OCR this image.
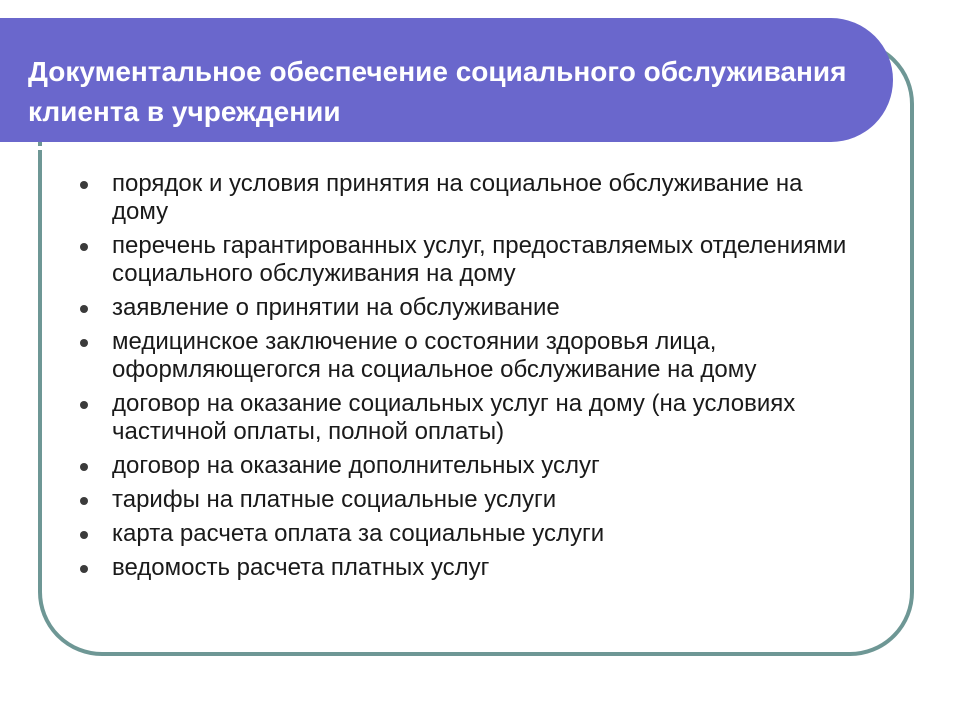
Документальное обеспечение социального обслуживания клиента в учреждении
порядок и условия принятия на социальное обслуживание на дому
перечень гарантированных услуг, предоставляемых отделениями социального обслуживания на дому
заявление о принятии на обслуживание
медицинское заключение о состоянии здоровья лица, оформляющегогся на социальное обслуживание на дому
договор на оказание социальных услуг на дому (на условиях частичной оплаты, полной оплаты)
договор на оказание дополнительных услуг
тарифы на платные социальные услуги
карта расчета оплата за социальные услуги
ведомость расчета платных услуг
